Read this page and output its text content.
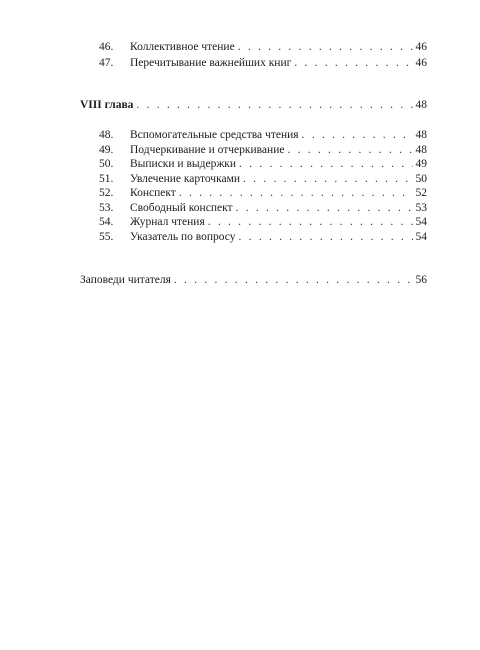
46.	Коллективное чтение . . .	46
47.	Перечитывание важнейших книг . . .	46
VIII глава . . .	48
48.	Вспомогательные средства чтения . . .	48
49.	Подчеркивание и отчеркивание . . .	48
50.	Выписки и выдержки . . .	49
51.	Увлечение карточками . . .	50
52.	Конспект . . .	52
53.	Свободный конспект . . .	53
54.	Журнал чтения . . .	54
55.	Указатель по вопросу . . .	54
Заповеди читателя . . .	56
